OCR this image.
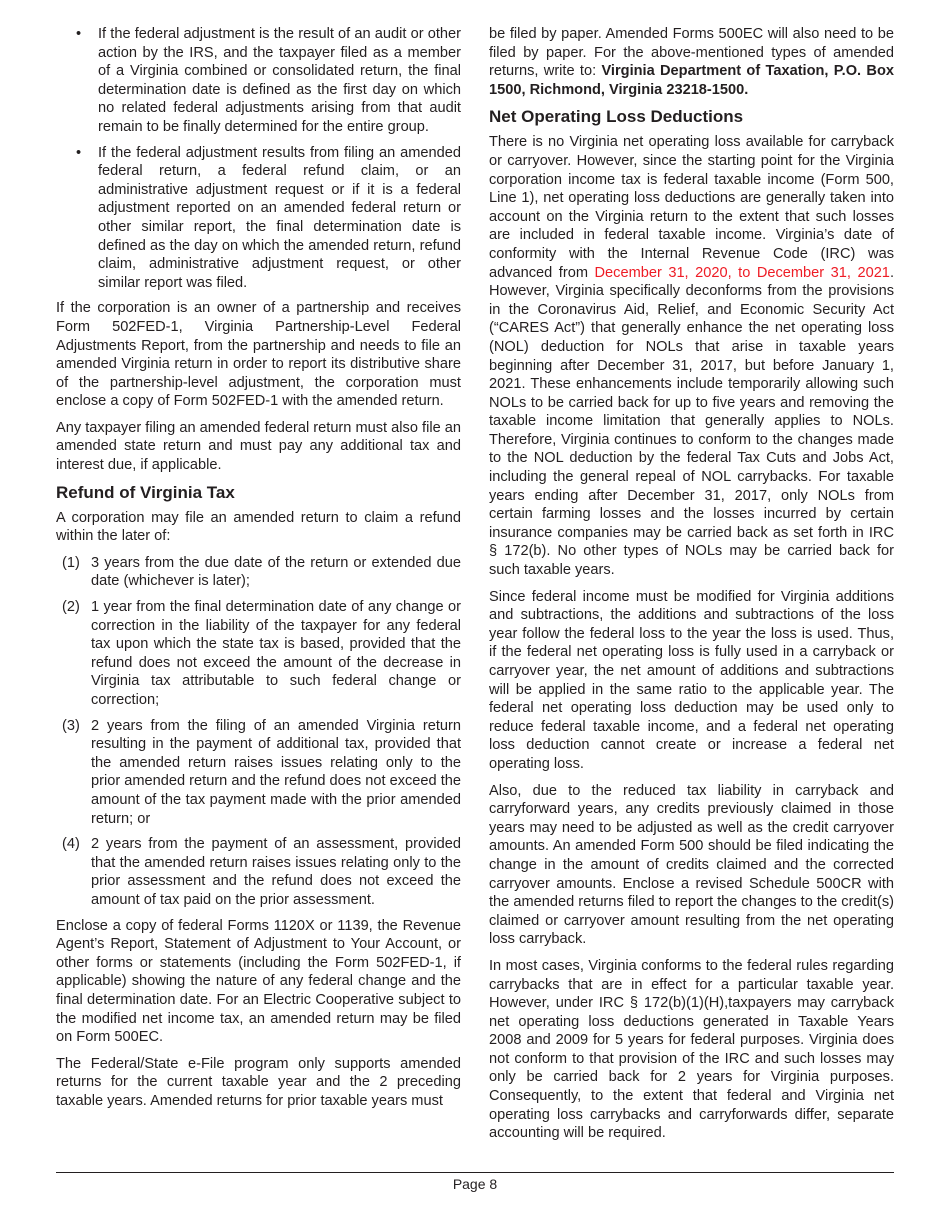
• If the federal adjustment is the result of an audit or other action by the IRS, and the taxpayer filed as a member of a Virginia combined or consolidated return, the final determination date is defined as the first day on which no related federal adjustments arising from that audit remain to be finally determined for the entire group.
• If the federal adjustment results from filing an amended federal return, a federal refund claim, or an administrative adjustment request or if it is a federal adjustment reported on an amended federal return or other similar report, the final determination date is defined as the day on which the amended return, refund claim, administrative adjustment request, or other similar report was filed.

If the corporation is an owner of a partnership and receives Form 502FED-1, Virginia Partnership-Level Federal Adjustments Report, from the partnership and needs to file an amended Virginia return in order to report its distributive share of the partnership-level adjustment, the corporation must enclose a copy of Form 502FED-1 with the amended return.

Any taxpayer filing an amended federal return must also file an amended state return and must pay any additional tax and interest due, if applicable.

Refund of Virginia Tax

A corporation may file an amended return to claim a refund within the later of:

(1) 3 years from the due date of the return or extended due date (whichever is later);
(2) 1 year from the final determination date of any change or correction in the liability of the taxpayer for any federal tax upon which the state tax is based, provided that the refund does not exceed the amount of the decrease in Virginia tax attributable to such federal change or correction;
(3) 2 years from the filing of an amended Virginia return resulting in the payment of additional tax, provided that the amended return raises issues relating only to the prior amended return and the refund does not exceed the amount of the tax payment made with the prior amended return; or
(4) 2 years from the payment of an assessment, provided that the amended return raises issues relating only to the prior assessment and the refund does not exceed the amount of tax paid on the prior assessment.

Enclose a copy of federal Forms 1120X or 1139, the Revenue Agent’s Report, Statement of Adjustment to Your Account, or other forms or statements (including the Form 502FED-1, if applicable) showing the nature of any federal change and the final determination date. For an Electric Cooperative subject to the modified net income tax, an amended return may be filed on Form 500EC.

The Federal/State e-File program only supports amended returns for the current taxable year and the 2 preceding taxable years. Amended returns for prior taxable years must

be filed by paper. Amended Forms 500EC will also need to be filed by paper. For the above-mentioned types of amended returns, write to: Virginia Department of Taxation, P.O. Box 1500, Richmond, Virginia 23218-1500.

Net Operating Loss Deductions

There is no Virginia net operating loss available for carryback or carryover. However, since the starting point for the Virginia corporation income tax is federal taxable income (Form 500, Line 1), net operating loss deductions are generally taken into account on the Virginia return to the extent that such losses are included in federal taxable income. Virginia’s date of conformity with the Internal Revenue Code (IRC) was advanced from December 31, 2020, to December 31, 2021. However, Virginia specifically deconforms from the provisions in the Coronavirus Aid, Relief, and Economic Security Act (“CARES Act”) that generally enhance the net operating loss (NOL) deduction for NOLs that arise in taxable years beginning after December 31, 2017, but before January 1, 2021. These enhancements include temporarily allowing such NOLs to be carried back for up to five years and removing the taxable income limitation that generally applies to NOLs. Therefore, Virginia continues to conform to the changes made to the NOL deduction by the federal Tax Cuts and Jobs Act, including the general repeal of NOL carrybacks. For taxable years ending after December 31, 2017, only NOLs from certain farming losses and the losses incurred by certain insurance companies may be carried back as set forth in IRC § 172(b). No other types of NOLs may be carried back for such taxable years.

Since federal income must be modified for Virginia additions and subtractions, the additions and subtractions of the loss year follow the federal loss to the year the loss is used. Thus, if the federal net operating loss is fully used in a carryback or carryover year, the net amount of additions and subtractions will be applied in the same ratio to the applicable year. The federal net operating loss deduction may be used only to reduce federal taxable income, and a federal net operating loss deduction cannot create or increase a federal net operating loss.

Also, due to the reduced tax liability in carryback and carryforward years, any credits previously claimed in those years may need to be adjusted as well as the credit carryover amounts. An amended Form 500 should be filed indicating the change in the amount of credits claimed and the corrected carryover amounts. Enclose a revised Schedule 500CR with the amended returns filed to report the changes to the credit(s) claimed or carryover amount resulting from the net operating loss carryback.

In most cases, Virginia conforms to the federal rules regarding carrybacks that are in effect for a particular taxable year. However, under IRC § 172(b)(1)(H),taxpayers may carryback net operating loss deductions generated in Taxable Years 2008 and 2009 for 5 years for federal purposes. Virginia does not conform to that provision of the IRC and such losses may only be carried back for 2 years for Virginia purposes. Consequently, to the extent that federal and Virginia net operating loss carrybacks and carryforwards differ, separate accounting will be required.

Page 8
